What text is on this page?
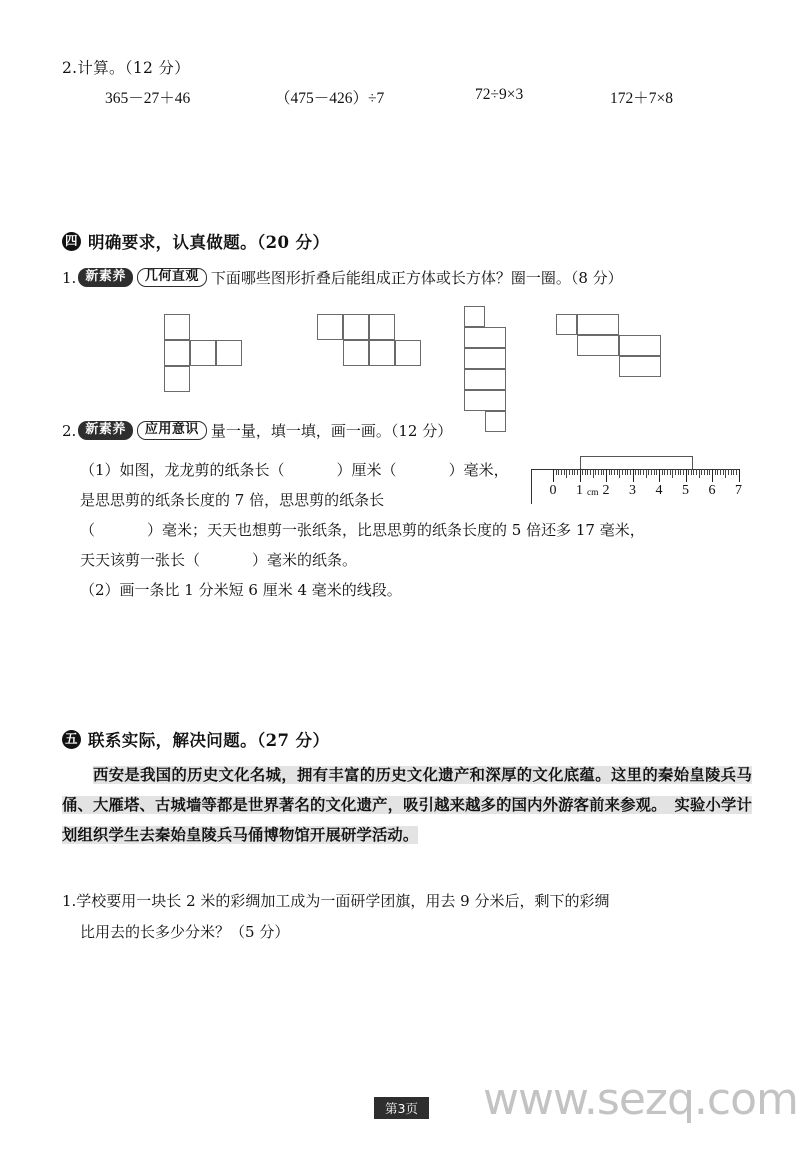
2.计算。（12 分）
365－27＋46	（475－426）÷7	72÷9×3	172＋7×8
四 明确要求，认真做题。（20 分）
1. 新素养	几何直观 下面哪些图形折叠后能组成正方体或长方体？圈一圈。（8 分）
2. 新素养	应用意识 量一量，填一填，画一画。（12 分）

（1）如图，龙龙剪的纸条长（	）厘米（	）毫米，

是思思剪的纸条长度的 7 倍，思思剪的纸条长

（	）毫米；天天也想剪一张纸条，比思思剪的纸条长度的 5 倍还多 17 毫米，

天天该剪一张长（	）毫米的纸条。

（2）画一条比 1 分米短 6 厘米 4 毫米的线段。

0 1 2 3 4 5 6 7
cm
五 联系实际，解决问题。（27 分）
西安是我国的历史文化名城，拥有丰富的历史文化遗产和深厚的文化底蕴。这里的秦始皇陵兵马俑、大雁塔、古城墙等都是世界著名的文化遗产，吸引越来越多的国内外游客前来参观。　实验小学计划组织学生去秦始皇陵兵马俑博物馆开展研学活动。

1.学校要用一块长 2 米的彩绸加工成为一面研学团旗，用去 9 分米后，剩下的彩绸

比用去的长多少分米？（5 分）

第3页 www.sezq.com
